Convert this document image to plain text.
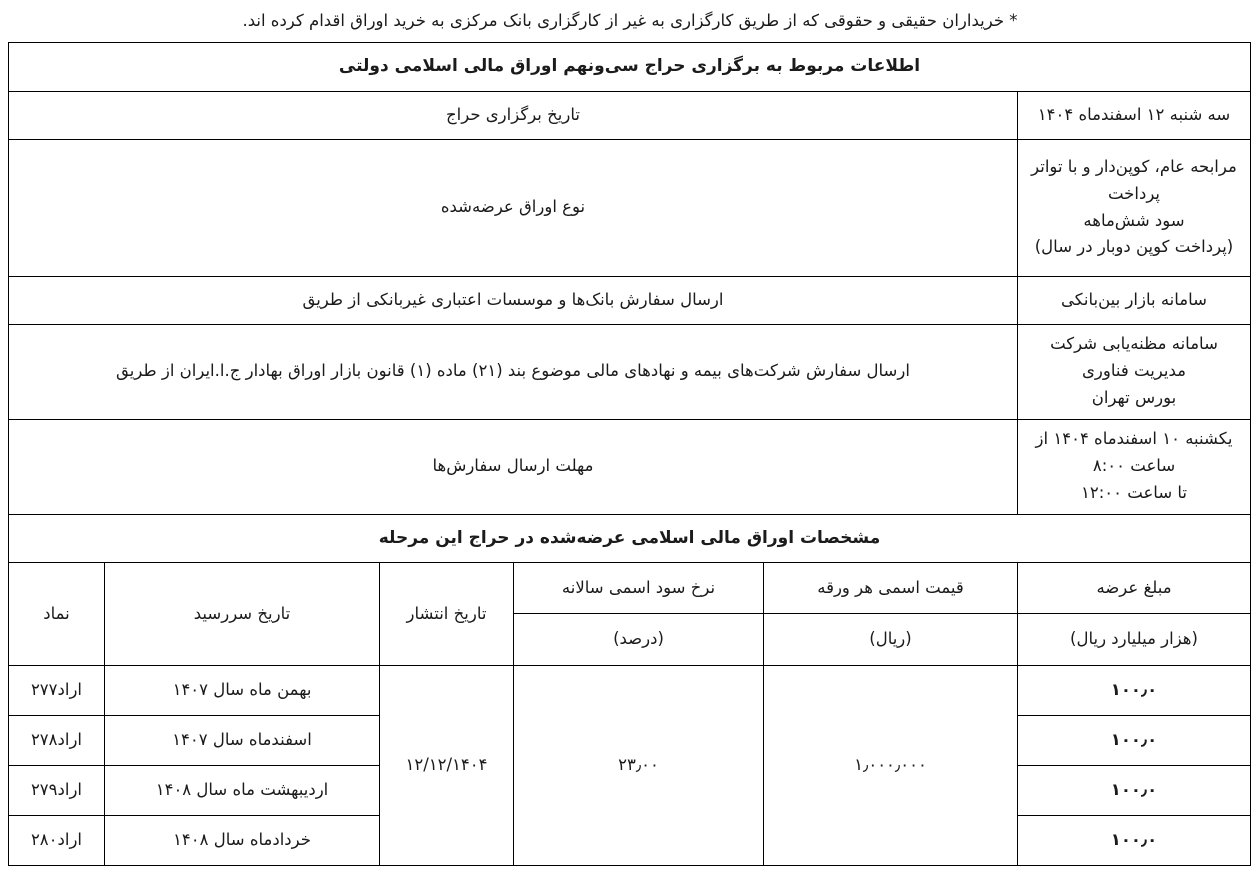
* خریداران حقیقی و حقوقی که از طریق کارگزاری به غیر از کارگزاری بانک مرکزی به خرید اوراق اقدام کرده اند.
اطلاعات مربوط به برگزاری حراج سی‌ونهم اوراق مالی اسلامی دولتی					
سه شنبه ۱۲ اسفندماه ۱۴۰۴	تاریخ برگزاری حراج				

مرابحه عام، کوپن‌دار و با تواتر پرداخت
سود شش‌ماهه
(پرداخت کوپن دوبار در سال)	نوع اوراق عرضه‌شده				
سامانه بازار بین‌بانکی	ارسال سفارش بانک‌ها و موسسات اعتباری غیربانکی از طریق				

سامانه مظنه‌یابی شرکت مدیریت فناوری
بورس تهران	ارسال سفارش شرکت‌های بیمه و نهادهای مالی موضوع بند (۲۱) ماده (۱) قانون بازار اوراق بهادار ج.ا.ایران از طریق				

یکشنبه ۱۰ اسفندماه ۱۴۰۴ از ساعت ۸:۰۰
تا ساعت ۱۲:۰۰	مهلت ارسال سفارش‌ها				
مشخصات اوراق مالی اسلامی عرضه‌شده در حراج این مرحله					
مبلغ عرضه	قیمت اسمی هر ورقه	نرخ سود اسمی سالانه	تاریخ انتشار	تاریخ سررسید	نماد
(هزار میلیارد ریال)	(ریال)	(درصد)			
۱۰۰٫۰	۱٫۰۰۰٫۰۰۰	۲۳٫۰۰	۱۲/۱۲/۱۴۰۴	بهمن ماه سال ۱۴۰۷	اراد۲۷۷
۱۰۰٫۰				اسفندماه سال ۱۴۰۷	اراد۲۷۸
۱۰۰٫۰				اردیبهشت ماه سال ۱۴۰۸	اراد۲۷۹
۱۰۰٫۰				خردادماه سال ۱۴۰۸	اراد۲۸۰
